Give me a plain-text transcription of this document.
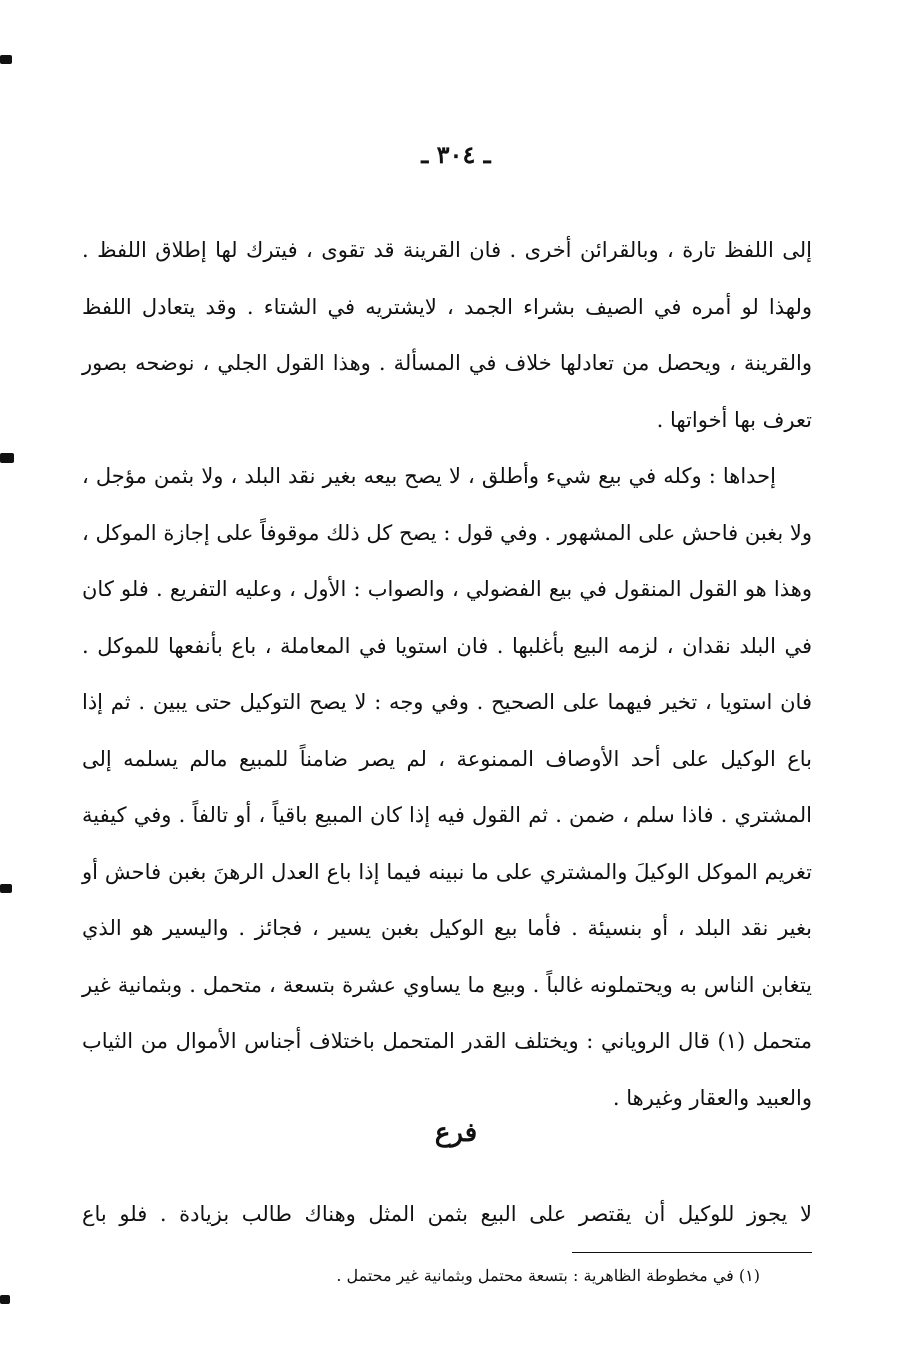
ـ ٣٠٤ ـ

إلى اللفظ تارة ، وبالقرائن أخرى . فان القرينة قد تقوى ، فيترك لها إطلاق اللفظ . ولهذا لو أمره في الصيف بشراء الجمد ، لايشتريه في الشتاء . وقد يتعادل اللفظ والقرينة ، ويحصل من تعادلها خلاف في المسألة . وهذا القول الجلي ، نوضحه بصور تعرف بها أخواتها .

إحداها : وكله في بيع شيء وأطلق ، لا يصح بيعه بغير نقد البلد ، ولا بثمن مؤجل ، ولا بغبن فاحش على المشهور . وفي قول : يصح كل ذلك موقوفاً على إجازة الموكل ، وهذا هو القول المنقول في بيع الفضولي ، والصواب : الأول ، وعليه التفريع . فلو كان في البلد نقدان ، لزمه البيع بأغلبها . فان استويا في المعاملة ، باع بأنفعها للموكل . فان استويا ، تخير فيهما على الصحيح . وفي وجه : لا يصح التوكيل حتى يبين . ثم إذا باع الوكيل على أحد الأوصاف الممنوعة ، لم يصر ضامناً للمبيع مالم يسلمه إلى المشتري . فاذا سلم ، ضمن . ثم القول فيه إذا كان المبيع باقياً ، أو تالفاً . وفي كيفية تغريم الموكل الوكيلَ والمشتري على ما نبينه فيما إذا باع العدل الرهنَ بغبن فاحش أو بغير نقد البلد ، أو بنسيئة . فأما بيع الوكيل بغبن يسير ، فجائز . واليسير هو الذي يتغابن الناس به ويحتملونه غالباً . وبيع ما يساوي عشرة بتسعة ، متحمل . وبثمانية غير متحمل (١) قال الروياني : ويختلف القدر المتحمل باختلاف أجناس الأموال من الثياب والعبيد والعقار وغيرها .

فرع
لا يجوز للوكيل أن يقتصر على البيع بثمن المثل وهناك طالب بزيادة . فلو باع
(١) في مخطوطة الظاهرية : بتسعة محتمل وبثمانية غير محتمل .
